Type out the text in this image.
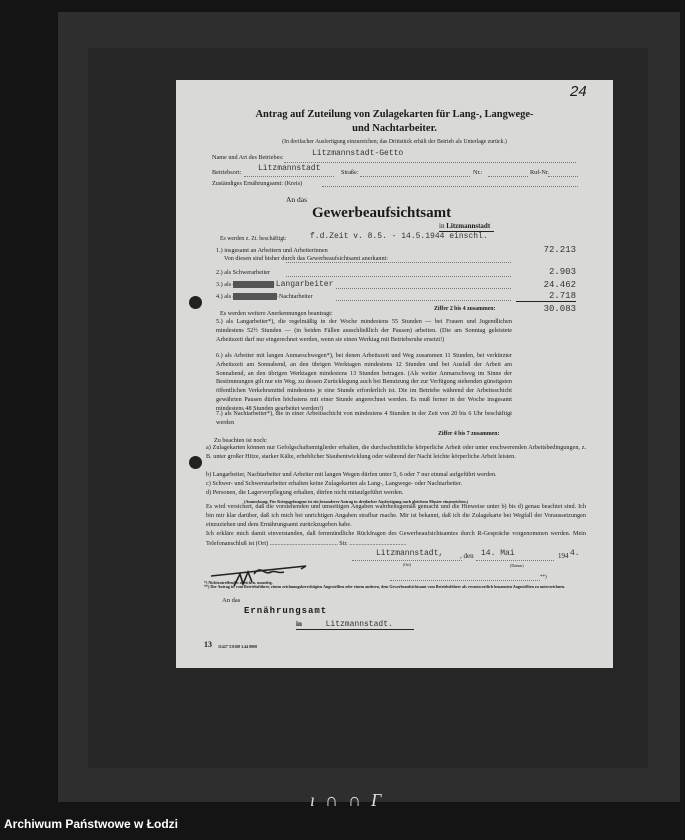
24
Antrag auf Zuteilung von Zulagekarten für Lang-, Langwege-
und Nachtarbeiter.
(In dreifacher Ausfertigung einzureichen; das Drittstück erhält der Betrieb als Unterlage zurück.)
Name und Art des Betriebes:	Litzmannstadt-Getto
Betriebsort: Litzmannstadt	Straße:	Nr.:	Ruf-Nr.
Zuständiges Ernährungsamt: (Kreis)
An das
Gewerbeaufsichtsamt
in Litzmannstadt
Es werden z. Zt. beschäftigt:	f.d.Zeit v. 8.5. - 14.5.1944 einschl.
1.) insgesamt an Arbeitern und Arbeiterinnen	72.213
Von diesen sind bisher durch das Gewerbeaufsichtsamt anerkannt:
2.) als Schwerarbeiter	2.903
3.) als Schwerstarbeiter Langarbeiter	24.462
4.) als Langwegearbeiter Nachtarbeiter	2.718
Ziffer 2 bis 4 zusammen:	30.083
Es werden weitere Anerkennungen beantragt:
5.) als Langarbeiter*), die regelmäßig in der Woche mindestens 55 Stunden — bei Frauen und Jugendlichen mindestens 52½ Stunden — (in beiden Fällen ausschließlich der Pausen) arbeiten. (Die am Sonntag geleistete Arbeitszeit darf nur eingerechnet werden, wenn sie einen Werktag mit Betriebsruhe ersetzt!)
6.) als Arbeiter mit langen Anmarschwegen*), bei denen Arbeitszeit und Weg zusammen 11 Stunden, bei verkürzter Arbeitszeit am Sonnabend, an den übrigen Werktagen mindestens 12 Stunden und bei Ausfall der Arbeit am Sonnabend, an den übrigen Werktagen mindestens 13 Stunden betragen. (Als weiter Anmarschweg im Sinne der Bestimmungen gilt nur ein Weg, zu dessen Zurücklegung auch bei Benutzung der zur Verfügung stehenden günstigsten öffentlichen Verkehrsmittel mindestens je eine Stunde erforderlich ist. Die im Betriebe während der Arbeitsschicht gewährten Pausen dürfen höchstens mit einer Stunde angerechnet werden. Es muß ferner in der Woche insgesamt mindestens 48 Stunden gearbeitet werden!)
7.) als Nachtarbeiter*), die in einer Arbeitsschicht von mindestens 4 Stunden in der Zeit von 20 bis 6 Uhr beschäftigt werden
Ziffer 4 bis 7 zusammen:
Zu beachten ist noch:
a) Zulagekarten können nur Gefolgschaftsmitglieder erhalten, die durchschnittliche körperliche Arbeit oder unter erschwerenden Arbeitsbedingungen, z. B. unter großer Hitze, starker Kälte, erheblicher Staubentwicklung oder während der Nacht leichte körperliche Arbeit leisten.
b) Langarbeiter, Nachtarbeiter und Arbeiter mit langen Wegen dürfen unter 5, 6 oder 7 nur einmal aufgeführt werden.
c) Schwer- und Schwerstarbeiter erhalten keine Zulagekarten als Lang-, Langwege- oder Nachtarbeiter.
d) Personen, die Lagerverpflegung erhalten, dürfen nicht mitaufgeführt werden.
(Anmerkung: Für Kriegsgefangene ist ein besonderer Antrag in dreifacher Ausfertigung nach gleichem Muster einzureichen.)
Es wird versichert, daß die vorstehenden und umseitigen Angaben wahrheitsgemäß gemacht und die Hinweise unter b) bis d) genau beachtet sind. Ich bin mir klar darüber, daß ich mich bei unrichtigen Angaben strafbar mache. Mir ist bekannt, daß ich die Zulagekarte bei Wegfall der Voraussetzungen einzuziehen und dem Ernährungsamt zurückzugeben habe.
Ich erkläre mich damit einverstanden, daß fernmündliche Rückfragen des Gewerbeaufsichtsamtes durch R-Gespräche vorgenommen werden. Mein Telefonanschluß ist (Ort) ............................................ Str. .....................................
Litzmannstadt, , den 14. Mai	194 4.
(Ort)	(Datum)
**)
*) Nichtzutreffendes streichen. umseitig.
**) Der Antrag ist vom Betriebsführer, einem zeichnungsberechtigten Angestellten oder einem anderen, dem Gewerbeaufsichtsamt vom Betriebsführer als verantwortlich benannten Angestellten zu unterzeichnen.
An das
Ernährungsamt
in	Litzmannstadt.
13 11427 T.0108 3.44 8000
ı∩∩Γ
Archiwum Państwowe w Łodzi
